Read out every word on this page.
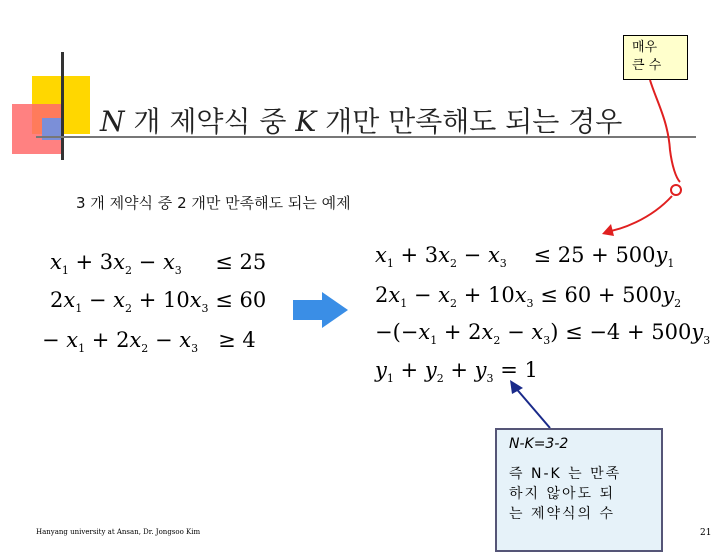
N 개 제약식 중 K 개만 만족해도 되는 경우
3 개 제약식 중 2 개만 만족해도 되는 예제
매우
큰 수
$x_1 + 3x_2 - x_3 \le 25$
$2x_1 - x_2 + 10x_3 \le 60$
− $x_1 + 2x_2 - x_3 \ge 4$
$x_1 + 3x_2 - x_3 \le 25 + 500y_1$
$2x_1 - x_2 + 10x_3 \le 60 + 500y_2$
$-(-x_1 + 2x_2 - x_3) \le -4 + 500y_3$
$y_1 + y_2 + y_3 = 1$
N-K=3-2
즉 N-K 는 만족
하지 않아도 되
는 제약식의 수
Hanyang university at Ansan, Dr. Jongsoo Kim	21
